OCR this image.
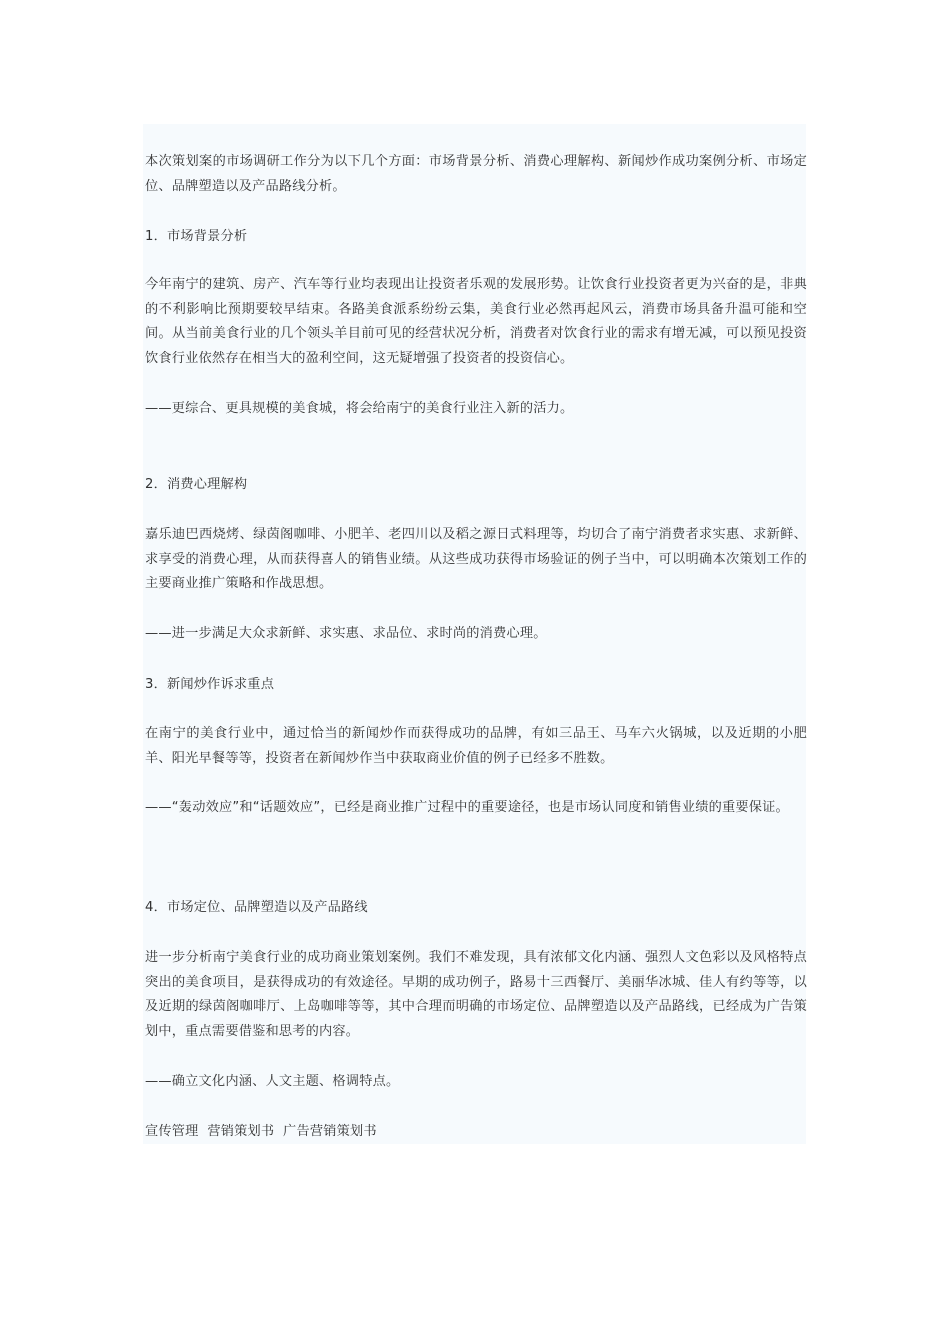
本次策划案的市场调研工作分为以下几个方面：市场背景分析、消费心理解构、新闻炒作成功案例分析、市场定位、品牌塑造以及产品路线分析。

1．市场背景分析

今年南宁的建筑、房产、汽车等行业均表现出让投资者乐观的发展形势。让饮食行业投资者更为兴奋的是，非典的不利影响比预期要较早结束。各路美食派系纷纷云集，美食行业必然再起风云，消费市场具备升温可能和空间。从当前美食行业的几个领头羊目前可见的经营状况分析，消费者对饮食行业的需求有增无减，可以预见投资饮食行业依然存在相当大的盈利空间，这无疑增强了投资者的投资信心。

——更综合、更具规模的美食城，将会给南宁的美食行业注入新的活力。

2．消费心理解构

嘉乐迪巴西烧烤、绿茵阁咖啡、小肥羊、老四川以及稻之源日式料理等，均切合了南宁消费者求实惠、求新鲜、求享受的消费心理，从而获得喜人的销售业绩。从这些成功获得市场验证的例子当中，可以明确本次策划工作的主要商业推广策略和作战思想。

——进一步满足大众求新鲜、求实惠、求品位、求时尚的消费心理。

3．新闻炒作诉求重点

在南宁的美食行业中，通过恰当的新闻炒作而获得成功的品牌，有如三品王、马车六火锅城，以及近期的小肥羊、阳光早餐等等，投资者在新闻炒作当中获取商业价值的例子已经多不胜数。

——“轰动效应”和“话题效应”，已经是商业推广过程中的重要途径，也是市场认同度和销售业绩的重要保证。

4．市场定位、品牌塑造以及产品路线

进一步分析南宁美食行业的成功商业策划案例。我们不难发现，具有浓郁文化内涵、强烈人文色彩以及风格特点突出的美食项目，是获得成功的有效途径。早期的成功例子，路易十三西餐厅、美丽华冰城、佳人有约等等，以及近期的绿茵阁咖啡厅、上岛咖啡等等，其中合理而明确的市场定位、品牌塑造以及产品路线，已经成为广告策划中，重点需要借鉴和思考的内容。

——确立文化内涵、人文主题、格调特点。

宣传管理  营销策划书  广告营销策划书
